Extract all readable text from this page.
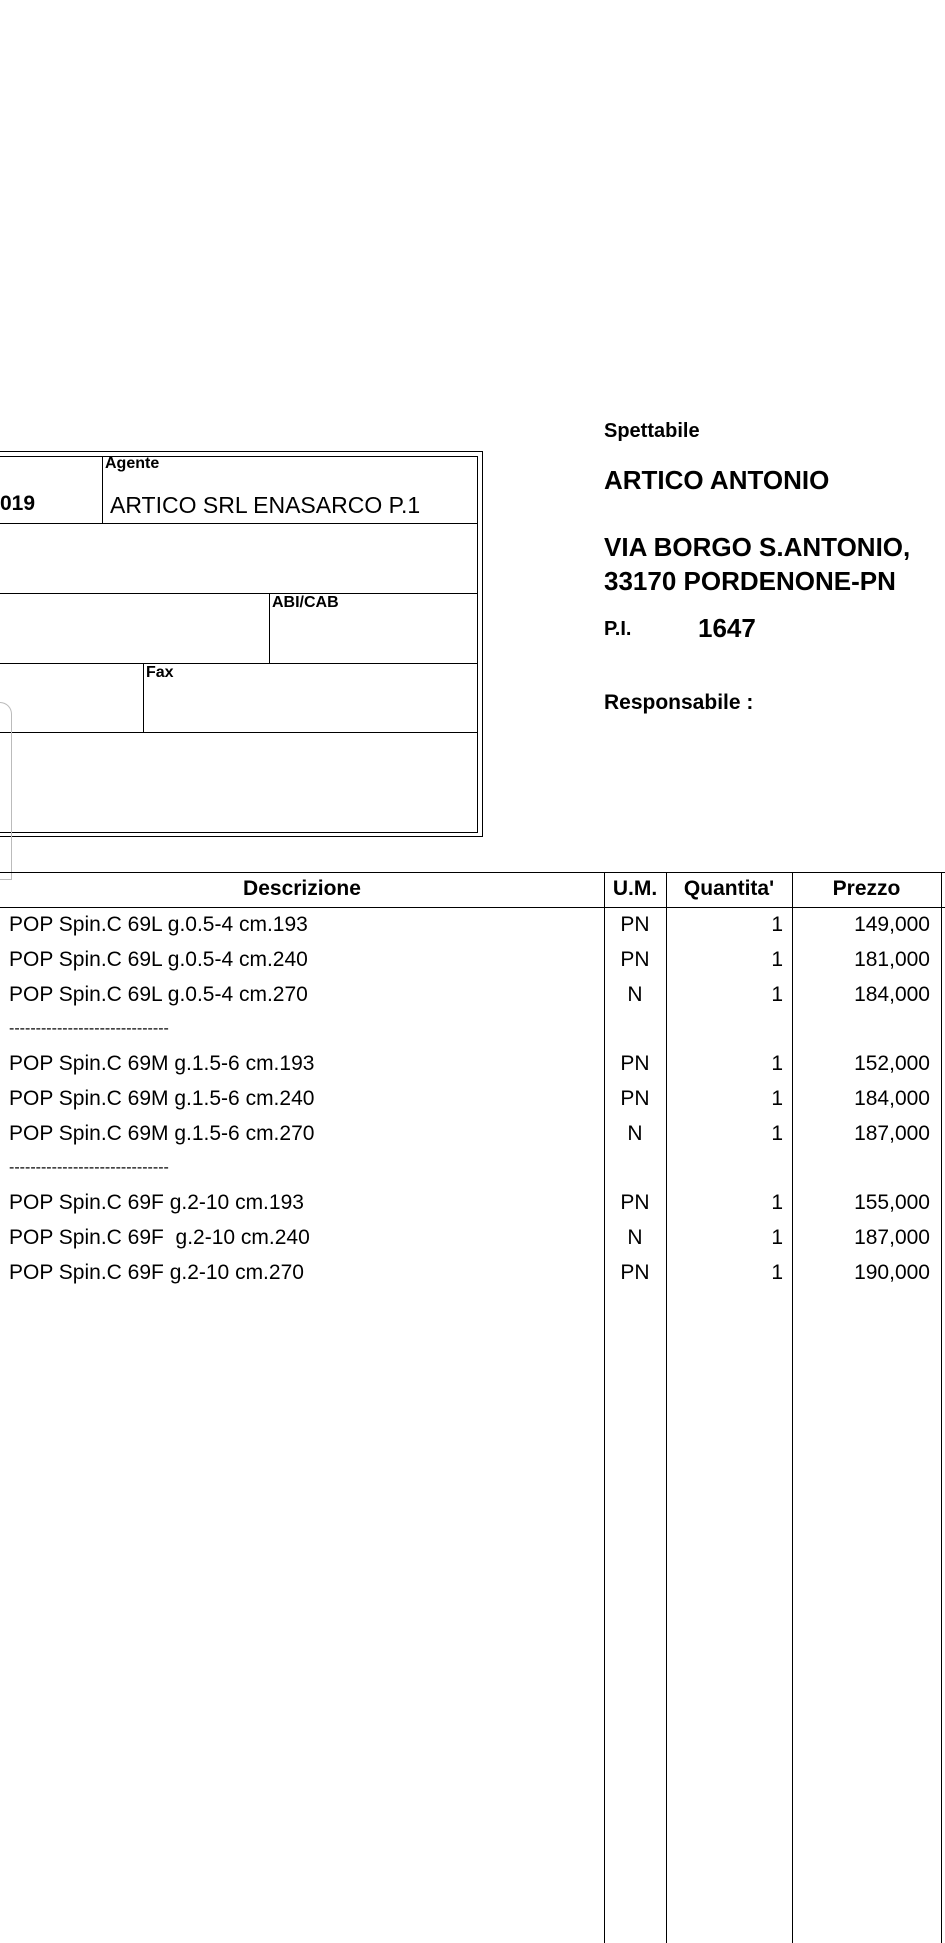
019
Agente
ARTICO SRL ENASARCO P.1
ABI/CAB
Fax
Spettabile
ARTICO ANTONIO
VIA BORGO S.ANTONIO,
33170 PORDENONE-PN
P.I.	1647
Responsabile :
Descrizione	U.M.	Quantita'	Prezzo
POP Spin.C 69L g.0.5-4 cm.193	PN	1	149,000
POP Spin.C 69L g.0.5-4 cm.240	PN	1	181,000
POP Spin.C 69L g.0.5-4 cm.270	N	1	184,000
------------------------------
POP Spin.C 69M g.1.5-6 cm.193	PN	1	152,000
POP Spin.C 69M g.1.5-6 cm.240	PN	1	184,000
POP Spin.C 69M g.1.5-6 cm.270	N	1	187,000
------------------------------
POP Spin.C 69F g.2-10 cm.193	PN	1	155,000
POP Spin.C 69F  g.2-10 cm.240	N	1	187,000
POP Spin.C 69F g.2-10 cm.270	PN	1	190,000
